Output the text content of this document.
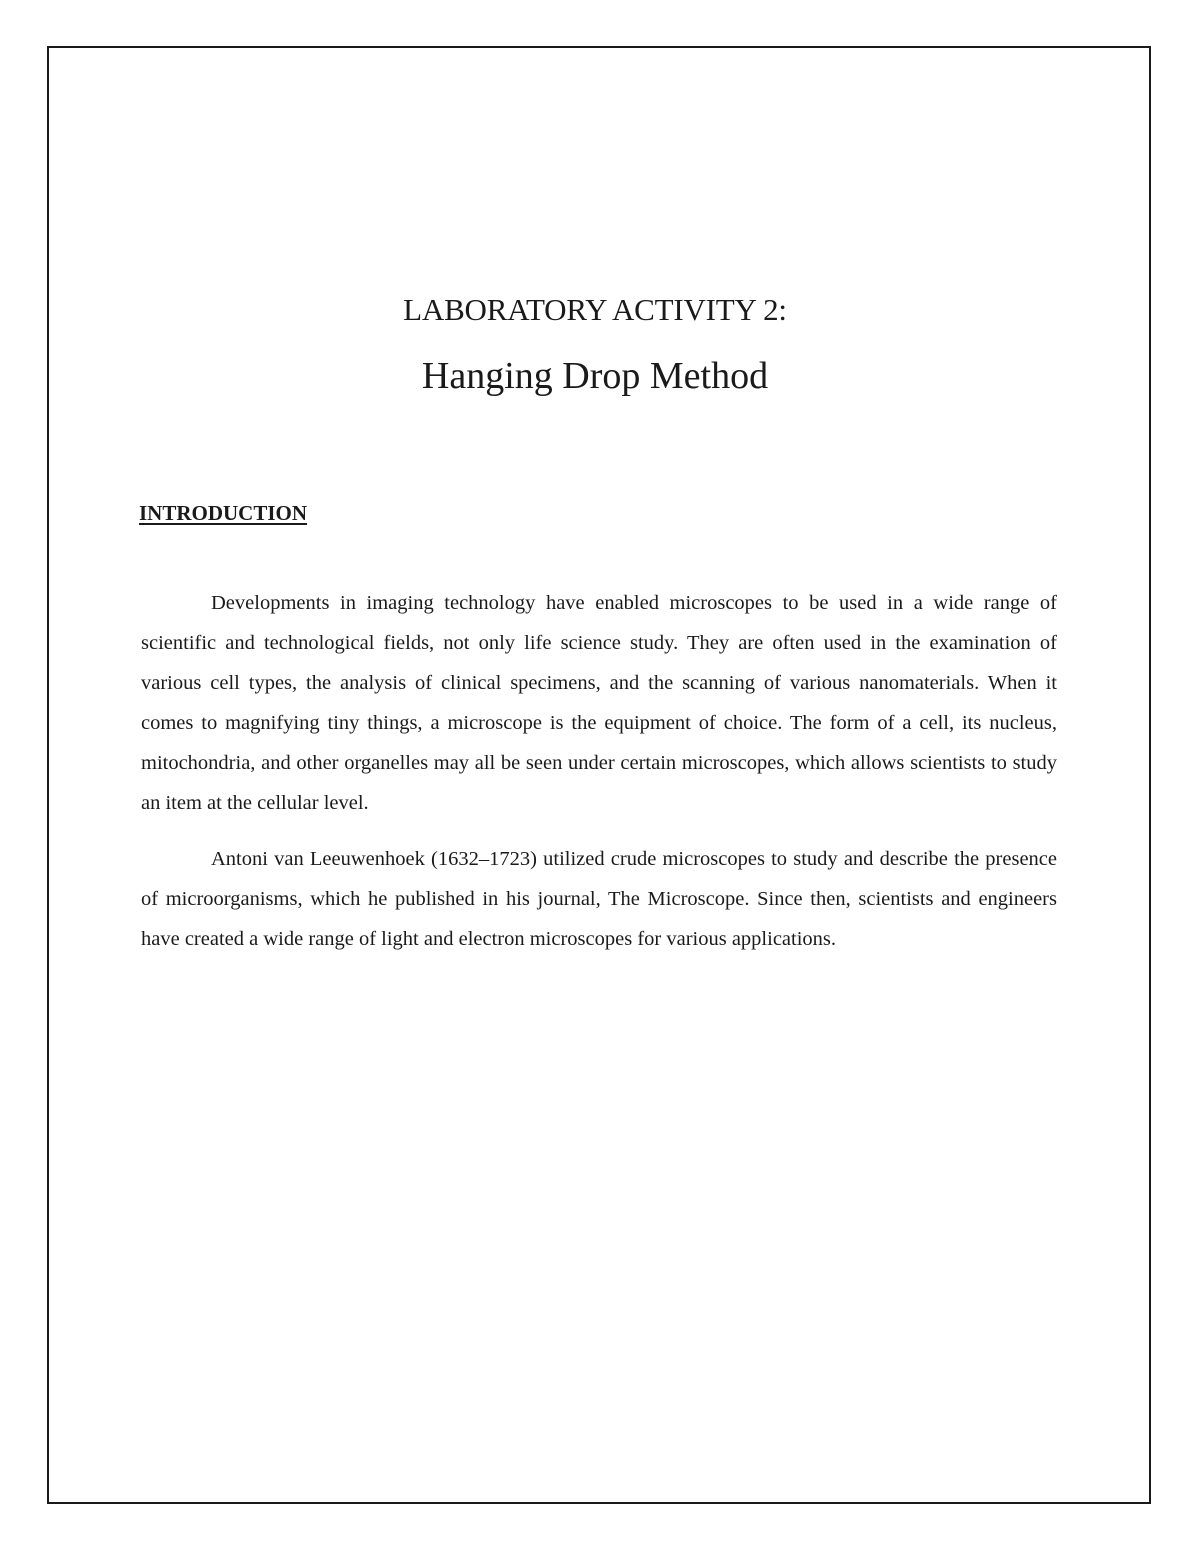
LABORATORY ACTIVITY 2:
Hanging Drop Method
INTRODUCTION

Developments in imaging technology have enabled microscopes to be used in a wide range of scientific and technological fields, not only life science study. They are often used in the examination of various cell types, the analysis of clinical specimens, and the scanning of various nanomaterials. When it comes to magnifying tiny things, a microscope is the equipment of choice. The form of a cell, its nucleus, mitochondria, and other organelles may all be seen under certain microscopes, which allows scientists to study an item at the cellular level.

Antoni van Leeuwenhoek (1632–1723) utilized crude microscopes to study and describe the presence of microorganisms, which he published in his journal, The Microscope. Since then, scientists and engineers have created a wide range of light and electron microscopes for various applications.
